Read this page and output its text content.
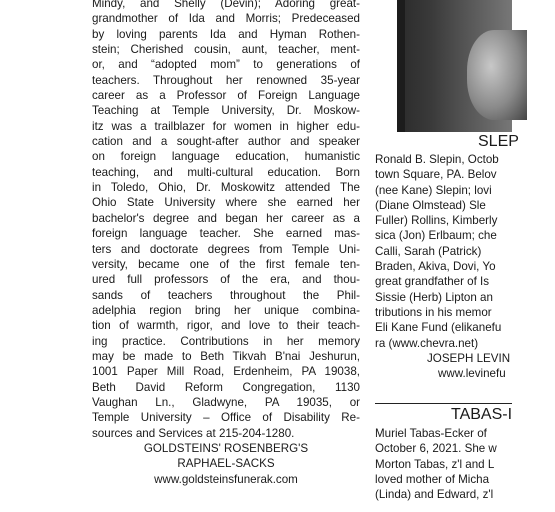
Mindy, and Shelly (Devin); Adoring great-
grandmother of Ida and Morris; Predeceased
by loving parents Ida and Hyman Rothen-
stein; Cherished cousin, aunt, teacher, ment-
or, and “adopted mom” to generations of
teachers. Throughout her renowned 35-year
career as a Professor of Foreign Language
Teaching at Temple University, Dr. Moskow-
itz was a trailblazer for women in higher edu-
cation and a sought-after author and speaker
on foreign language education, humanistic
teaching, and multi-cultural education. Born
in Toledo, Ohio, Dr. Moskowitz attended The
Ohio State University where she earned her
bachelor's degree and began her career as a
foreign language teacher. She earned mas-
ters and doctorate degrees from Temple Uni-
versity, became one of the first female ten-
ured full professors of the era, and thou-
sands of teachers throughout the Phil-
adelphia region bring her unique combina-
tion of warmth, rigor, and love to their teach-
ing practice. Contributions in her memory
may be made to Beth Tikvah B'nai Jeshurun,
1001 Paper Mill Road, Erdenheim, PA 19038,
Beth David Reform Congregation, 1130
Vaughan Ln., Gladwyne, PA 19035, or
Temple University – Office of Disability Re-
sources and Services at 215-204-1280.
GOLDSTEINS' ROSENBERG'S
RAPHAEL-SACKS
www.goldsteinsfunerak.com
SLEP
Ronald B. Slepin, Octob
town Square, PA. Belov
(nee Kane) Slepin; lovi
(Diane Olmstead) Sle
Fuller) Rollins, Kimberly
sica (Jon) Erlbaum; che
Calli, Sarah (Patrick)
Braden, Akiva, Dovi, Yo
great grandfather of Is
Sissie (Herb) Lipton an
tributions in his memor
Eli Kane Fund (elikanefu
ra (www.chevra.net)
JOSEPH LEVIN
www.levinefu
TABAS-I
Muriel Tabas-Ecker of
October 6, 2021. She w
Morton Tabas, z'l and L
loved mother of Micha
(Linda) and Edward, z'l
